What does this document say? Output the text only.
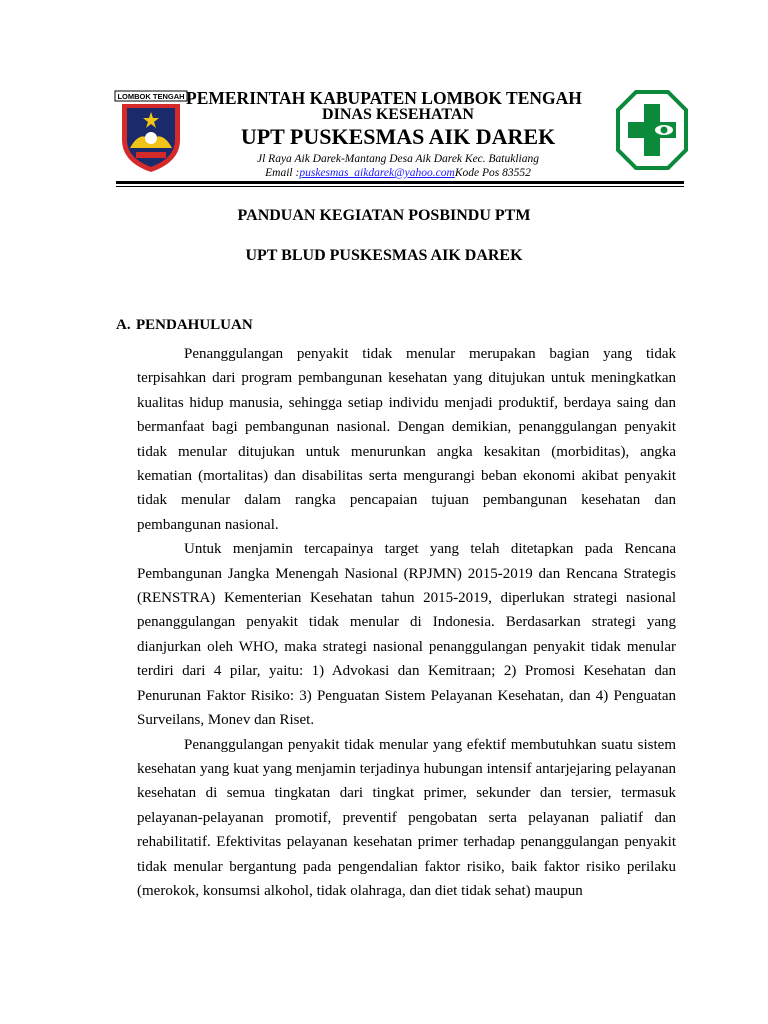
LOMBOK TENGAH PEMERINTAH KABUPATEN LOMBOK TENGAH
DINAS KESEHATAN
UPT PUSKESMAS AIK DAREK
Jl Raya Aik Darek-Mantang Desa Aik Darek Kec. Batukliang
Email :puskesmas_aikdarek@yahoo.comKode Pos 83552
PANDUAN KEGIATAN POSBINDU PTM
UPT BLUD PUSKESMAS AIK DAREK
A. PENDAHULUAN

Penanggulangan penyakit tidak menular merupakan bagian yang tidak terpisahkan dari program pembangunan kesehatan yang ditujukan untuk meningkatkan kualitas hidup manusia, sehingga setiap individu menjadi produktif, berdaya saing dan bermanfaat bagi pembangunan nasional. Dengan demikian, penanggulangan penyakit tidak menular ditujukan untuk menurunkan angka kesakitan (morbiditas), angka kematian (mortalitas) dan disabilitas serta mengurangi beban ekonomi akibat penyakit tidak menular dalam rangka pencapaian tujuan pembangunan kesehatan dan pembangunan nasional.

Untuk menjamin tercapainya target yang telah ditetapkan pada Rencana Pembangunan Jangka Menengah Nasional (RPJMN) 2015-2019 dan Rencana Strategis (RENSTRA) Kementerian Kesehatan tahun 2015-2019, diperlukan strategi nasional penanggulangan penyakit tidak menular di Indonesia. Berdasarkan strategi yang dianjurkan oleh WHO, maka strategi nasional penanggulangan penyakit tidak menular terdiri dari 4 pilar, yaitu: 1) Advokasi dan Kemitraan; 2) Promosi Kesehatan dan Penurunan Faktor Risiko: 3) Penguatan Sistem Pelayanan Kesehatan, dan 4) Penguatan Surveilans, Monev dan Riset.

Penanggulangan penyakit tidak menular yang efektif membutuhkan suatu sistem kesehatan yang kuat yang menjamin terjadinya hubungan intensif antarjejaring pelayanan kesehatan di semua tingkatan dari tingkat primer, sekunder dan tersier, termasuk pelayanan-pelayanan promotif, preventif pengobatan serta pelayanan paliatif dan rehabilitatif. Efektivitas pelayanan kesehatan primer terhadap penanggulangan penyakit tidak menular bergantung pada pengendalian faktor risiko, baik faktor risiko perilaku (merokok, konsumsi alkohol, tidak olahraga, dan diet tidak sehat) maupun
